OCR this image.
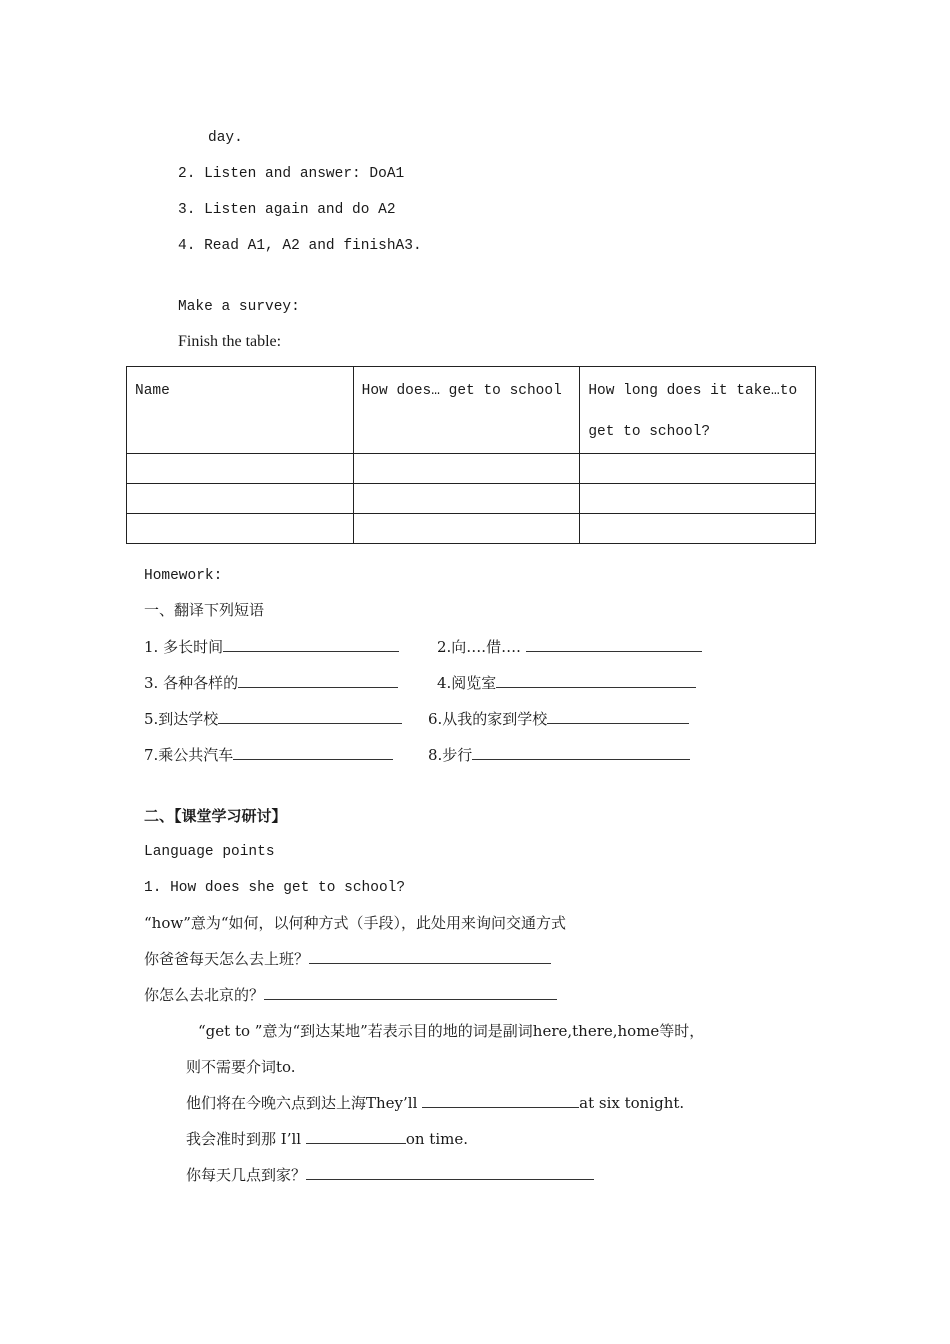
day.
2. Listen and answer: DoA1
3. Listen again and do A2
4. Read A1, A2 and finishA3.
Make a survey:
Finish the table:
Name	How does… get to school	How long does it take…to get to school?

Homework:
一、翻译下列短语
1. 多长时间	2.向….借….
3. 各种各样的	4.阅览室
5.到达学校	6.从我的家到学校
7.乘公共汽车	8.步行
二、【课堂学习研讨】
Language points
1. How does she get to school?
“how”意为“如何，以何种方式（手段），此处用来询问交通方式
你爸爸每天怎么去上班？
你怎么去北京的？
“get to ”意为“到达某地”若表示目的地的词是副词here,there,home等时，
则不需要介词to.
他们将在今晚六点到达上海They’ll	at six tonight.
我会准时到那 I’ll	on time.
你每天几点到家？
